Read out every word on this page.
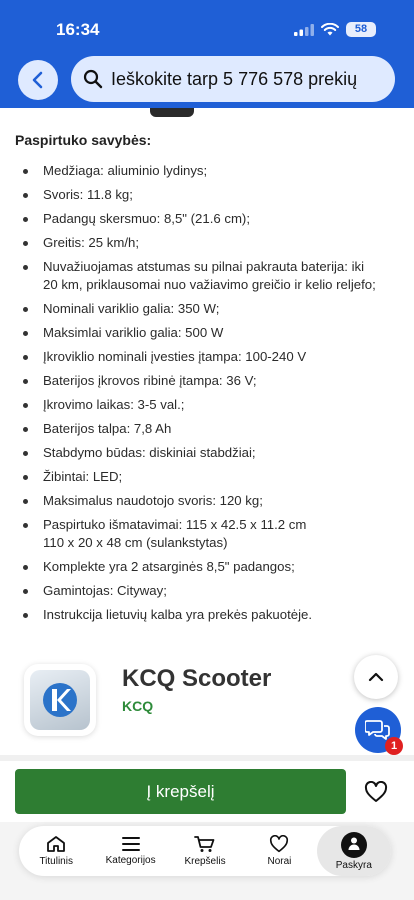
16:34	58
Ieškokite tarp 5 776 578 prekių
Paspirtuko savybės:
Medžiaga: aliuminio lydinys;
Svoris: 11.8 kg;
Padangų skersmuo: 8,5" (21.6 cm);
Greitis: 25 km/h;
Nuvažiuojamas atstumas su pilnai pakrauta baterija: iki
20 km, priklausomai nuo važiavimo greičio ir kelio reljefo;
Nominali variklio galia: 350 W;
Maksimlai variklio galia: 500 W
Įkroviklio nominali įvesties įtampa: 100-240 V
Baterijos įkrovos ribinė įtampa: 36 V;
Įkrovimo laikas: 3-5 val.;
Baterijos talpa: 7,8 Ah
Stabdymo būdas: diskiniai stabdžiai;
Žibintai: LED;
Maksimalus naudotojo svoris: 120 kg;
Paspirtuko išmatavimai: 115 x 42.5 x 11.2 cm
110 x 20 x 48 cm (sulankstytas)
Komplekte yra 2 atsarginės 8,5" padangos;
Gamintojas: Cityway;
Instrukcija lietuvių kalba yra prekės pakuotėje.
KCQ Scooter
KCQ
1
Į krepšelį
Titulinis	Kategorijos	Krepšelis	Norai	Paskyra
